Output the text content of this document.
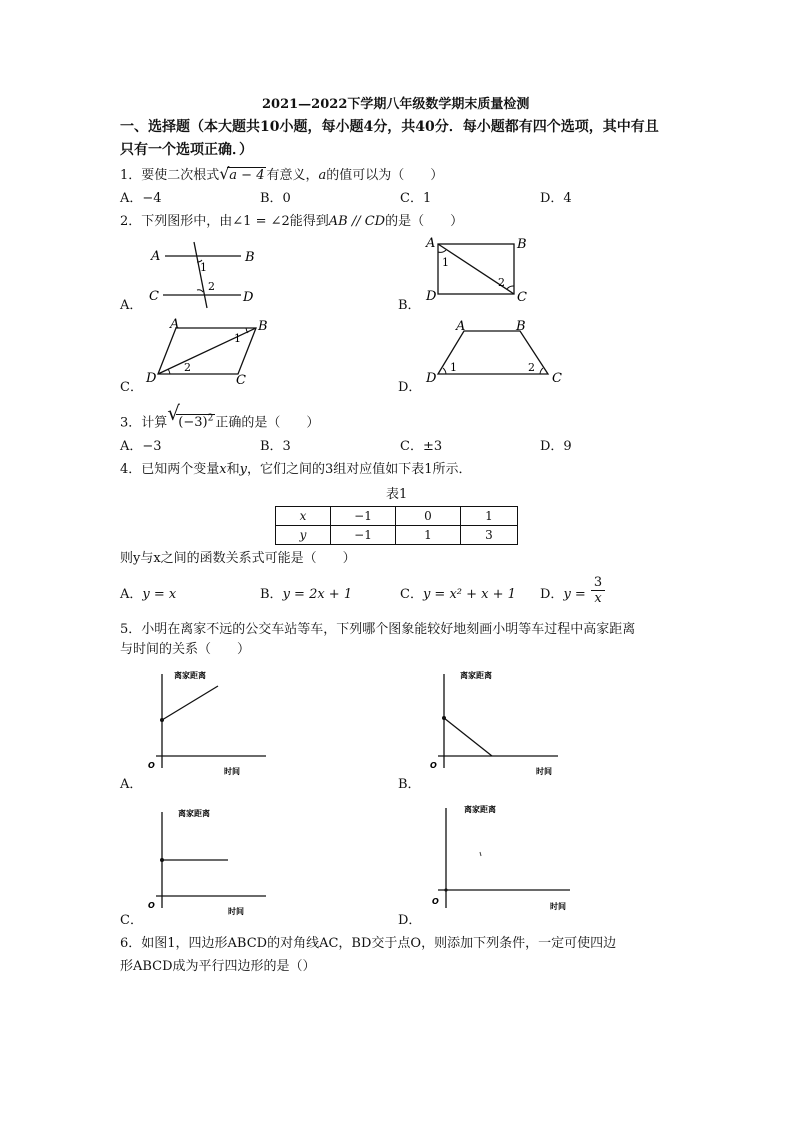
2021—2022下学期八年级数学期末质量检测
一、选择题（本大题共10小题，每小题4分，共40分．每小题都有四个选项，其中有且
只有一个选项正确．）
1．要使二次根式 √ a − 4 有意义，a的值可以为（　　）
A．−4	B．0	C．1	D．4
2．下列图形中，由∠1 = ∠2能得到AB // CD的是（　　）
A	B
C	D
1
2
A．
A	B
D	C
1
2
B．
A	B
D	C
1
2
C．
A	B
D	C
1	2
D．
3．计算 √
$(-3)^2$ 正确的是（　　）
A．−3	B．3	C．±3	D．9
4．已知两个变量x和y，它们之间的3组对应值如下表1所示．
表1
x	−1	0	1
y	−1	1	3
则y与x之间的函数关系式可能是（　　）
A．y = x	B．y = 2x + 1	C．y = x² + x + 1 D．$y = \frac{3}{x}$
5．小明在离家不远的公交车站等车，下列哪个图象能较好地刻画小明等车过程中高家距离
与时间的关系（　　）
离家距离
时间
O
A．
离家距离
时间
O
B．
离家距离
时间
O
C．
离家距离
时间
O
D．
6．如图1，四边形ABCD的对角线AC，BD交于点O，则添加下列条件，一定可使四边
形ABCD成为平行四边形的是（）
